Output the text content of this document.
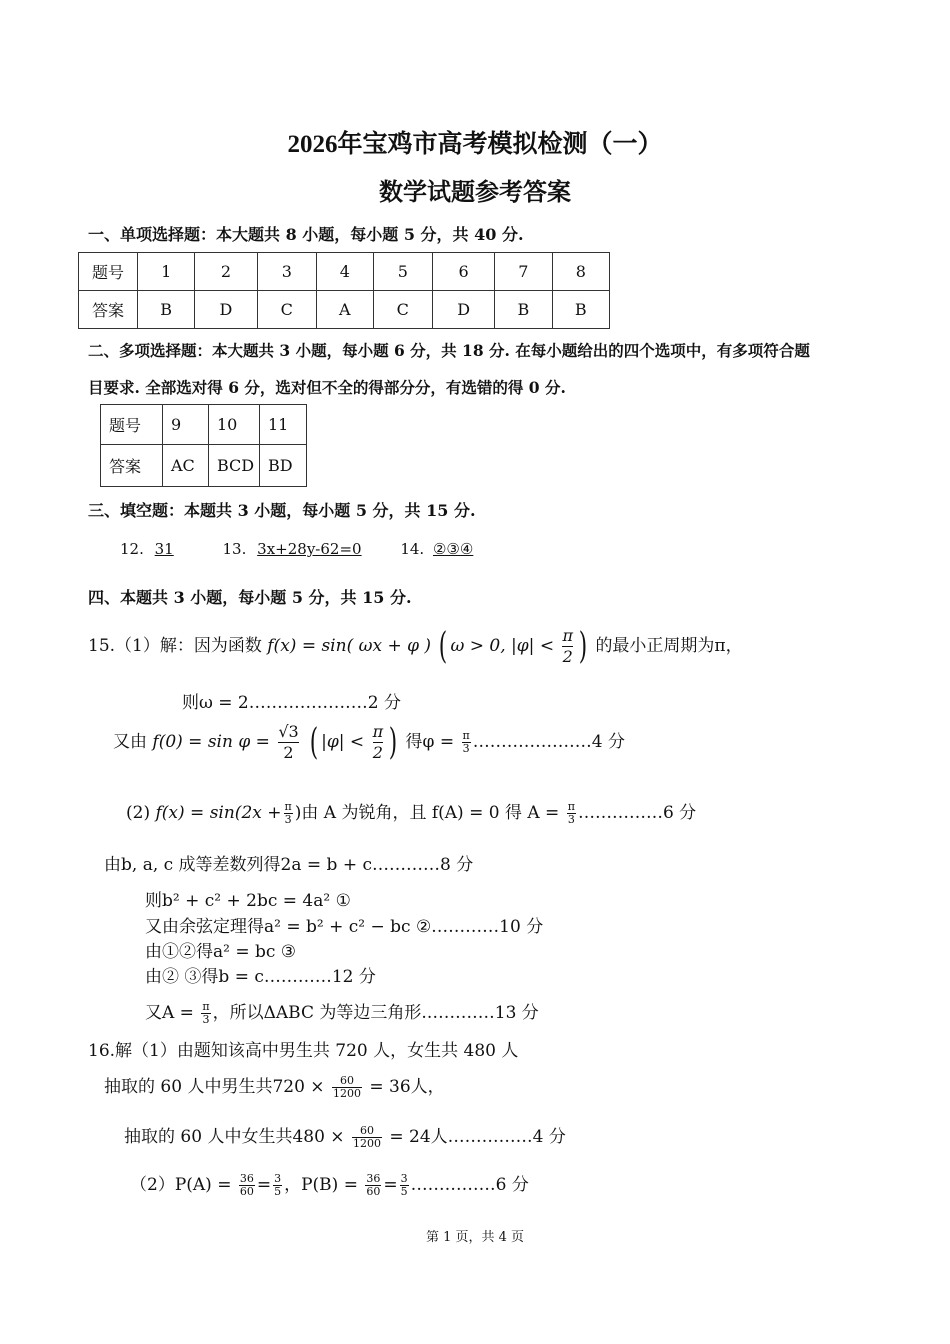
2026年宝鸡市高考模拟检测（一）
数学试题参考答案
一、单项选择题：本大题共 8 小题，每小题 5 分，共 40 分.
题号	1	2	3	4	5	6	7	8
答案	B	D	C	A	C	D	B	B
二、多项选择题：本大题共 3 小题，每小题 6 分，共 18 分. 在每小题给出的四个选项中，有多项符合题
目要求. 全部选对得 6 分，选对但不全的得部分分，有选错的得 0 分.
题号	9	10	11
答案	AC	BCD	BD
三、填空题：本题共 3 小题，每小题 5 分，共 15 分.
12. 31	13. 3x+28y-62=0	14. ②③④
四、本题共 3 小题，每小题 5 分，共 15 分.
15.（1）解：因为函数 f(x) = sin( ωx + φ ) ( ω > 0, $|\varphi| < \frac{\pi}{2}$ ) 的最小正周期为π，
则ω = 2…………………2 分
又由 $f(0) = \sin \varphi = \frac{√3}{2}$ ( $|\varphi| < \frac{\pi}{2}$ ) 得$\varphi = \frac{\pi}{3}$ …………………4 分
(2) $f(x) = \sin(2x + \frac{\pi}{3}$ )由 A 为锐角，且 f(A) = 0 得 $A = \frac{\pi}{3}$ ……………6 分
由b, a, c 成等差数列得2a = b + c…………8 分
则b² + c² + 2bc = 4a² ①
又由余弦定理得a² = b² + c² − bc ②…………10 分
由①②得a² = bc ③
由② ③得b = c…………12 分
又$A = \frac{\pi}{3}$ ，所以ΔABC 为等边三角形.…………13 分
16.解（1）由题知该高中男生共 720 人，女生共 480 人
抽取的 60 人中男生共$720 \times \frac{60}{1200} = 36$人，
抽取的 60 人中女生共$480 \times \frac{60}{1200} = 24$人……………4 分
$(2)P(A) = \frac{36}{60} = \frac{3}{5}$ ，$P(B) = \frac{36}{60} = \frac{3}{5}$ ……………6 分
第 1 页，共 4 页
